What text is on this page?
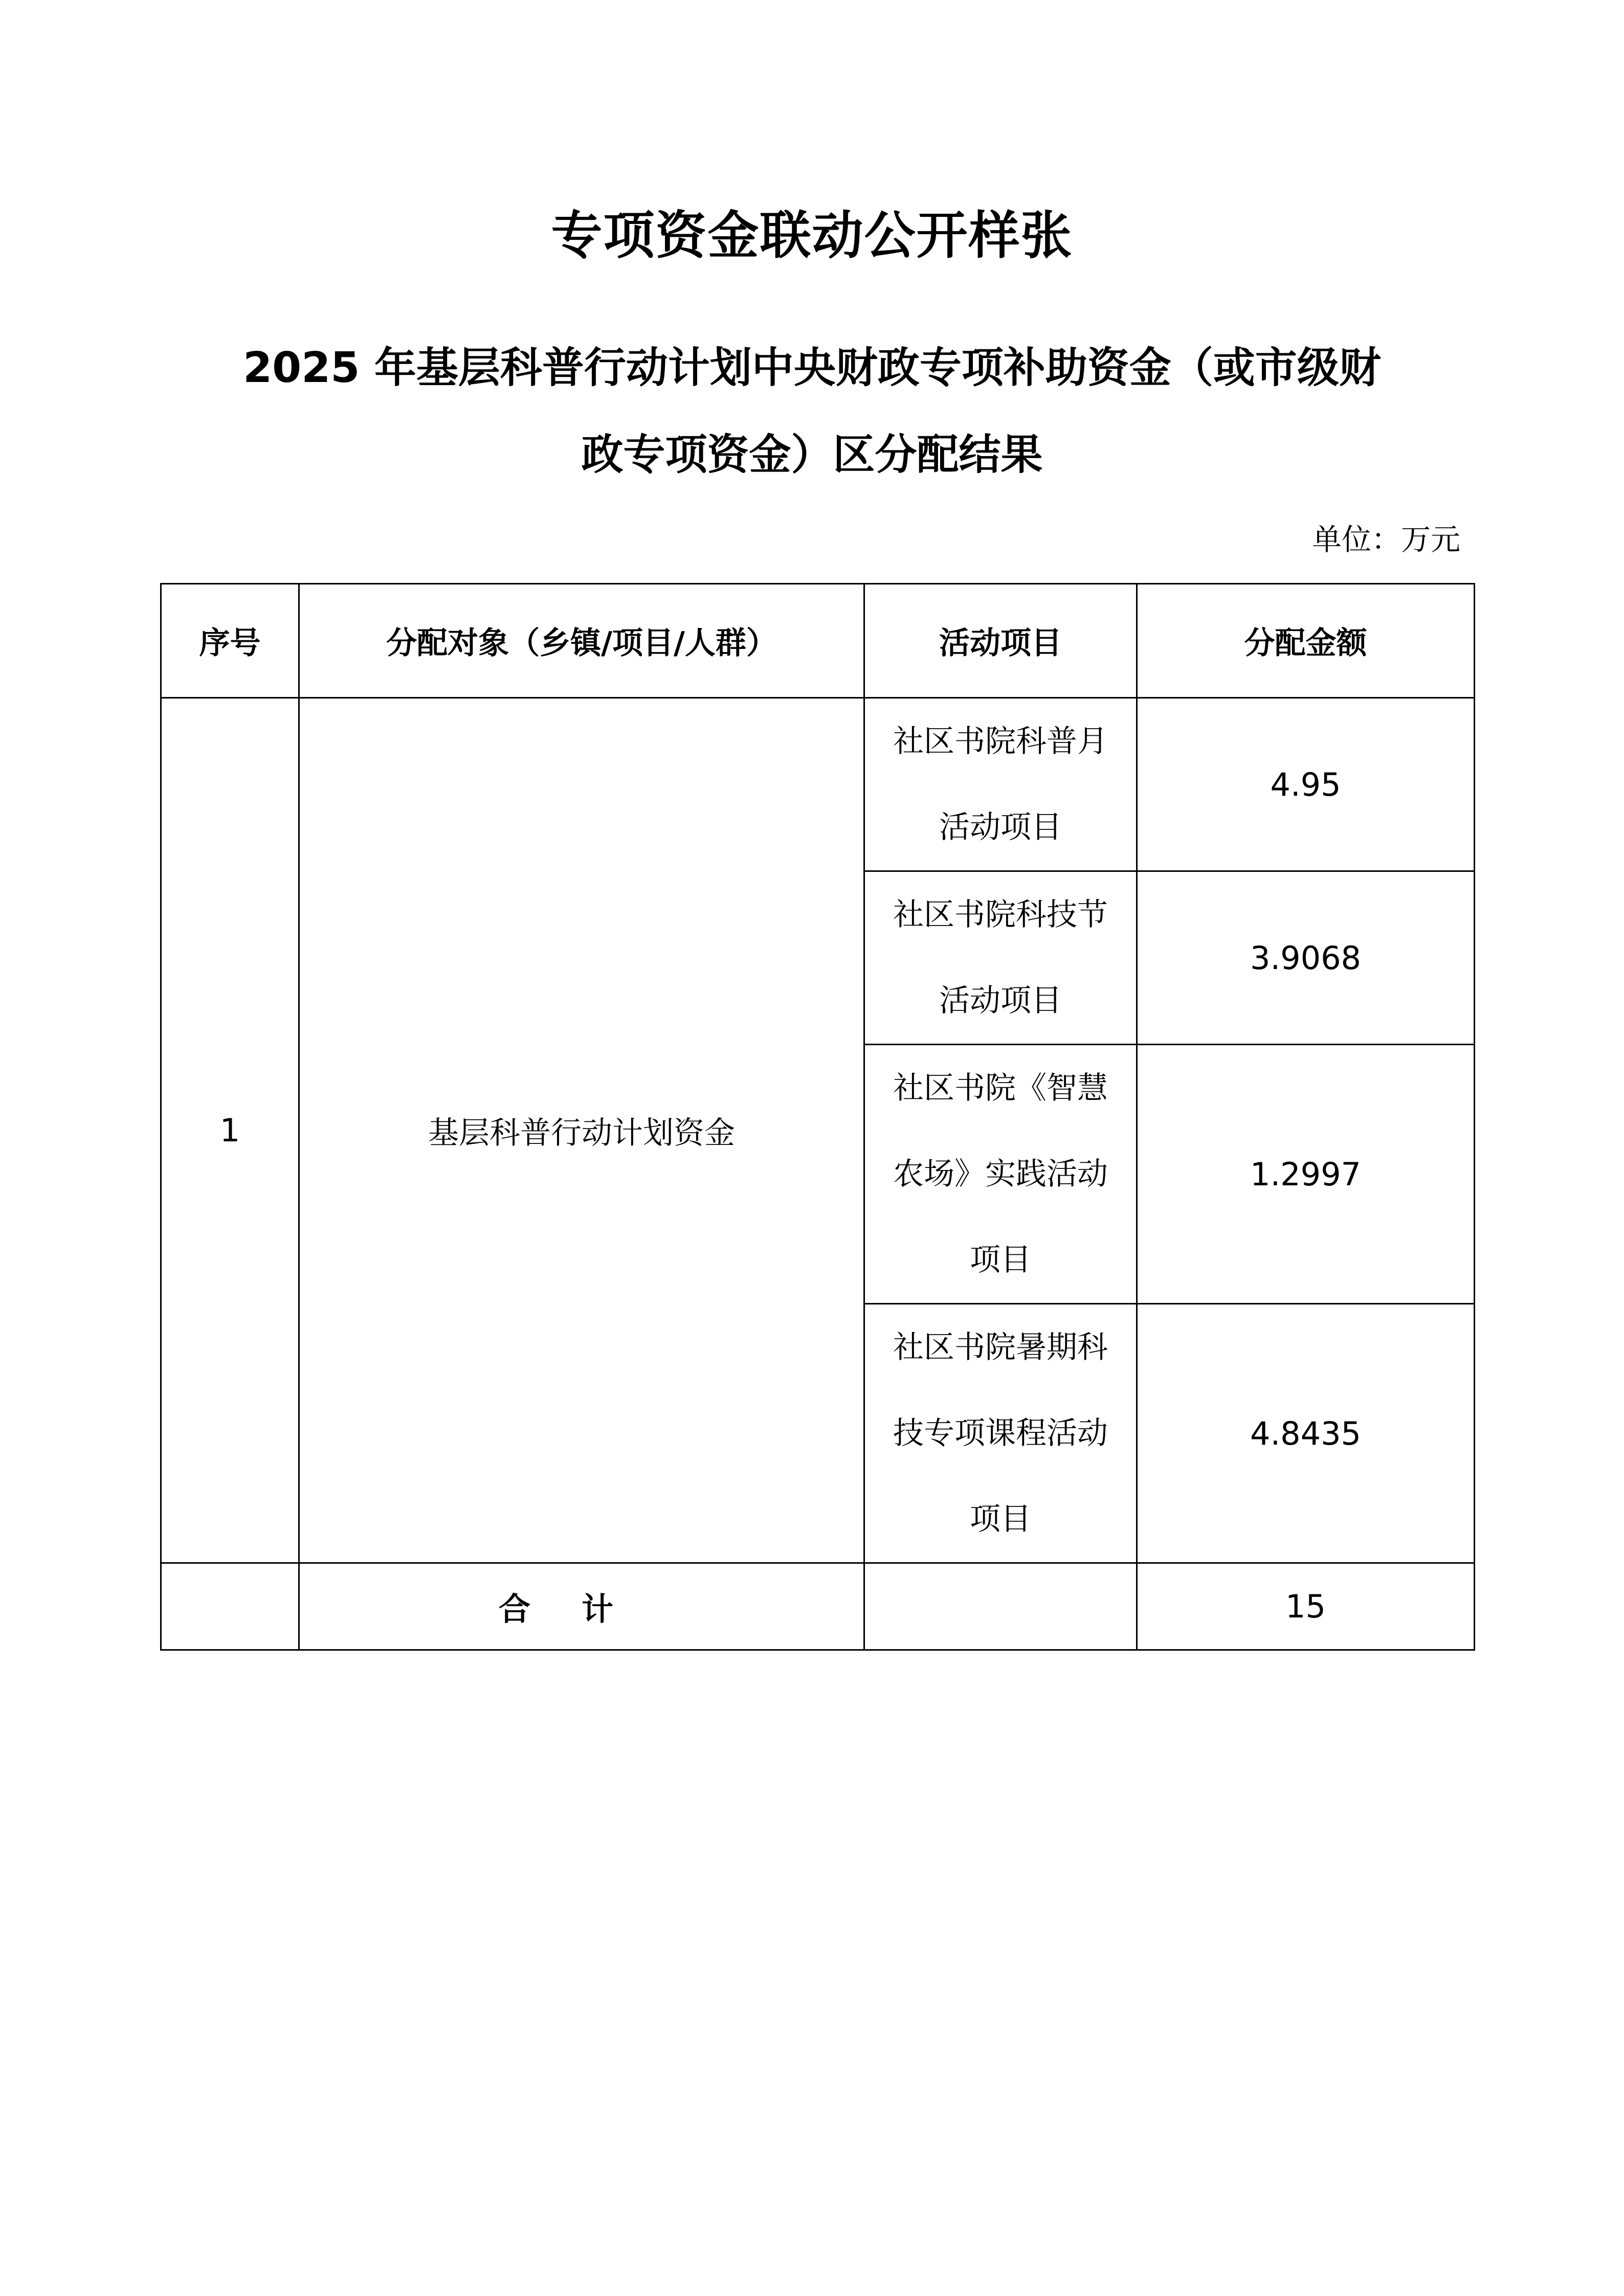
专项资金联动公开样张
2025 年基层科普行动计划中央财政专项补助资金（或市级财
政专项资金）区分配结果
单位：万元
序号	分配对象（乡镇/项目/人群）	活动项目	分配金额
1	基层科普行动计划资金	社区书院科普月活动项目	4.95
		社区书院科技节活动项目	3.9068
		社区书院《智慧农场》实践活动项目	1.2997
		社区书院暑期科技专项课程活动项目	4.8435
	合计		15
